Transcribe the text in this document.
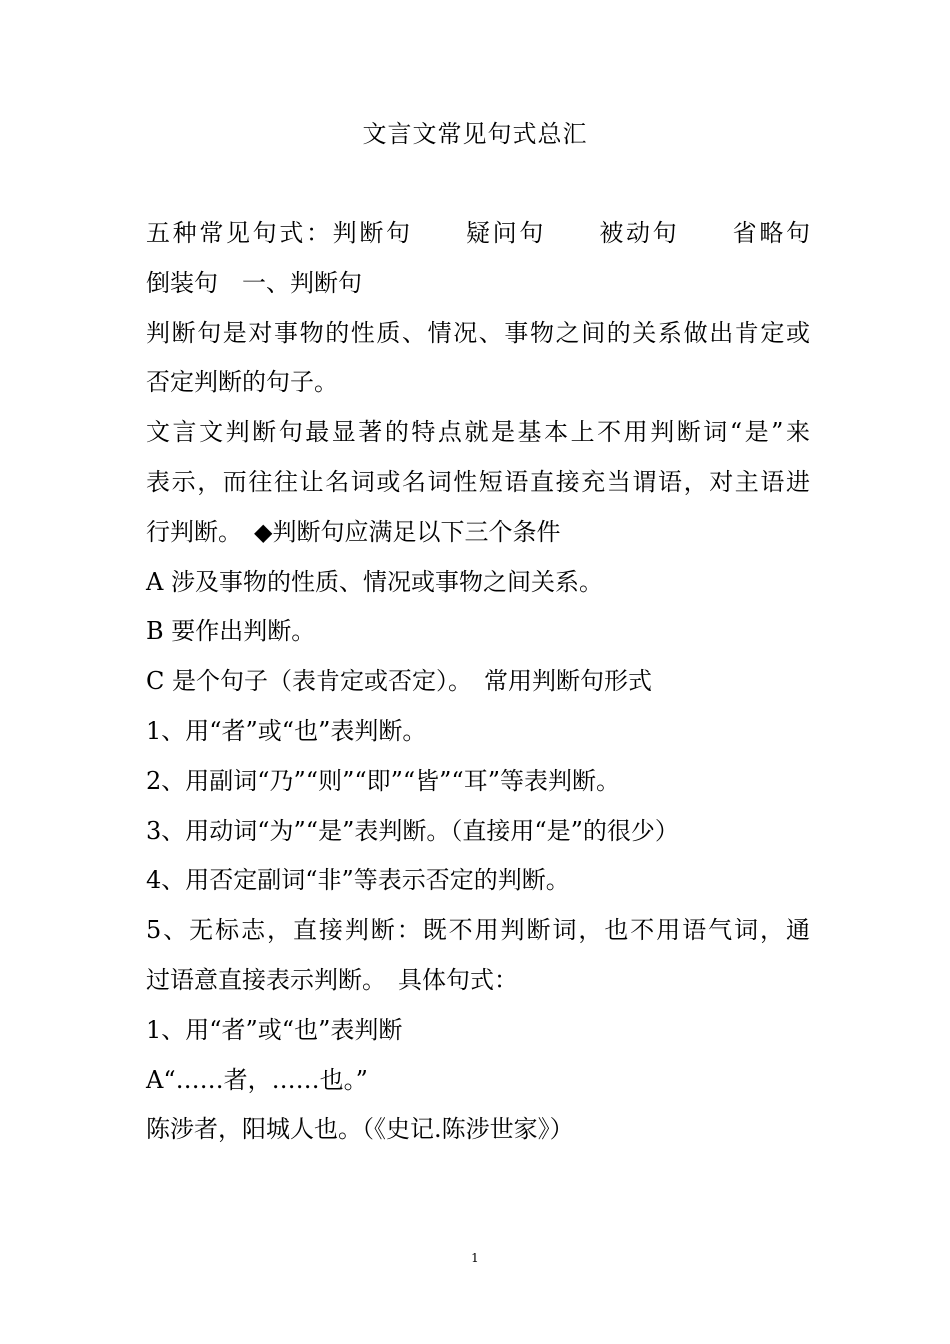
文言文常见句式总汇
五种常见句式：判断句　　疑问句　　被动句　　省略句
倒装句　一、判断句
判断句是对事物的性质、情况、事物之间的关系做出肯定或
否定判断的句子。
文言文判断句最显著的特点就是基本上不用判断词“是”来
表示，而往往让名词或名词性短语直接充当谓语，对主语进
行判断。　◆判断句应满足以下三个条件
A 涉及事物的性质、情况或事物之间关系。
B 要作出判断。
C 是个句子（表肯定或否定）。　常用判断句形式
1、用“者”或“也”表判断。
2、用副词“乃”“则”“即”“皆”“耳”等表判断。
3、用动词“为”“是”表判断。（直接用“是”的很少）
4、用否定副词“非”等表示否定的判断。
5、无标志，直接判断：既不用判断词，也不用语气词，通
过语意直接表示判断。　具体句式：
1、用“者”或“也”表判断
A“……者，……也。”
陈涉者，阳城人也。（《史记.陈涉世家》）
1
